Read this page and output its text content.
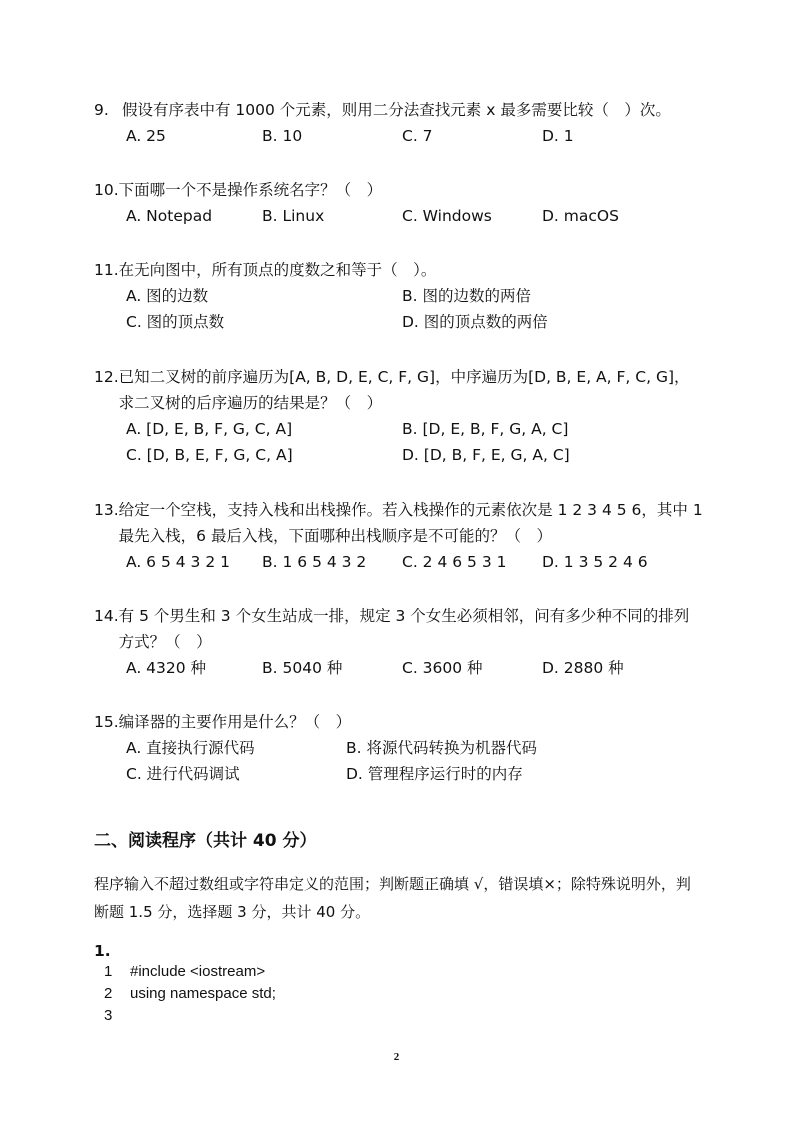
9. 假设有序表中有 1000 个元素，则用二分法查找元素 x 最多需要比较（　）次。
A. 25	B. 10	C. 7	D. 1
10. 下面哪一个不是操作系统名字？（　）
A. Notepad	B. Linux	C. Windows	D. macOS
11. 在无向图中，所有顶点的度数之和等于（　）。
A. 图的边数	B. 图的边数的两倍
C. 图的顶点数	D. 图的顶点数的两倍
12. 已知二叉树的前序遍历为[A, B, D, E, C, F, G]，中序遍历为[D, B, E, A, F, C, G]，求二叉树的后序遍历的结果是？（　）
A. [D, E, B, F, G, C, A]	B. [D, E, B, F, G, A, C]
C. [D, B, E, F, G, C, A]	D. [D, B, F, E, G, A, C]
13. 给定一个空栈，支持入栈和出栈操作。若入栈操作的元素依次是 1 2 3 4 5 6，其中 1 最先入栈，6 最后入栈，下面哪种出栈顺序是不可能的？（　）
A. 6 5 4 3 2 1 B. 1 6 5 4 3 2 C. 2 4 6 5 3 1 D. 1 3 5 2 4 6
14. 有 5 个男生和 3 个女生站成一排，规定 3 个女生必须相邻，问有多少种不同的排列方式？（　）
A. 4320 种	B. 5040 种	C. 3600 种	D. 2880 种
15. 编译器的主要作用是什么？（　）
A. 直接执行源代码	B. 将源代码转换为机器代码
C. 进行代码调试	D. 管理程序运行时的内存
二、阅读程序（共计 40 分）
程序输入不超过数组或字符串定义的范围；判断题正确填 √，错误填×；除特殊说明外，判断题 1.5 分，选择题 3 分，共计 40 分。
1.
1	#include <iostream>
2	using namespace std;
3
2
